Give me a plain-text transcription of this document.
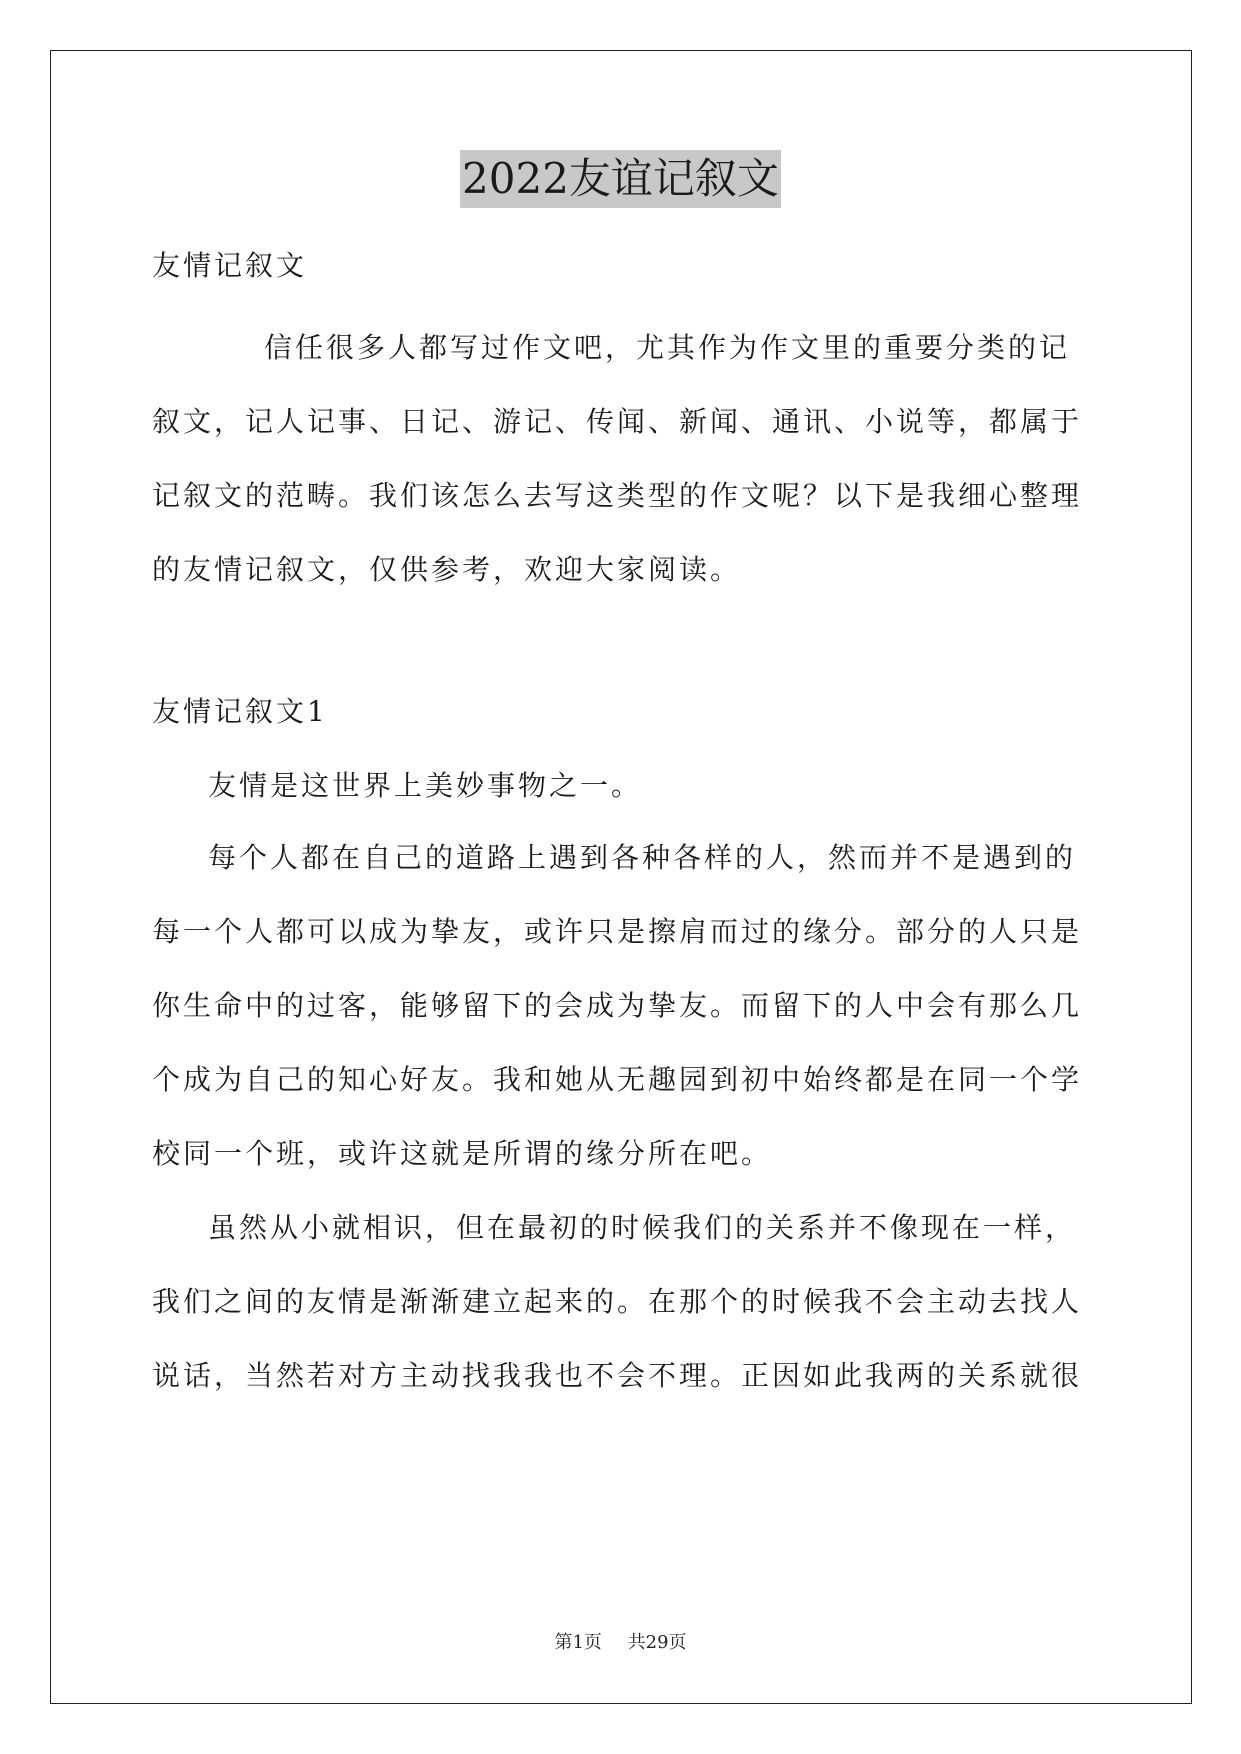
2022友谊记叙文
友情记叙文
信任很多人都写过作文吧，尤其作为作文里的重要分类的记
叙文，记人记事、日记、游记、传闻、新闻、通讯、小说等，都属于
记叙文的范畴。我们该怎么去写这类型的作文呢？以下是我细心整理
的友情记叙文，仅供参考，欢迎大家阅读。
友情记叙文1
友情是这世界上美妙事物之一。
每个人都在自己的道路上遇到各种各样的人，然而并不是遇到的
每一个人都可以成为挚友，或许只是擦肩而过的缘分。部分的人只是
你生命中的过客，能够留下的会成为挚友。而留下的人中会有那么几
个成为自己的知心好友。我和她从无趣园到初中始终都是在同一个学
校同一个班，或许这就是所谓的缘分所在吧。
虽然从小就相识，但在最初的时候我们的关系并不像现在一样，
我们之间的友情是渐渐建立起来的。在那个的时候我不会主动去找人
说话，当然若对方主动找我我也不会不理。正因如此我两的关系就很
第1页 共29页
